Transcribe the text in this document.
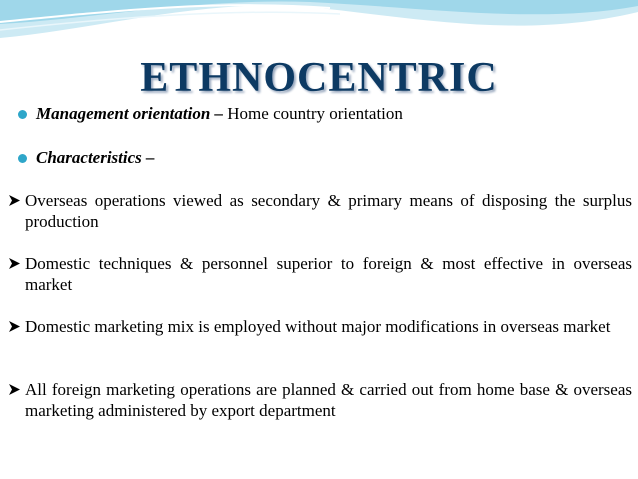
ETHNOCENTRIC
Management orientation – Home country orientation
Characteristics –
Overseas operations viewed as secondary & primary means of disposing the surplus production
Domestic techniques & personnel superior to foreign & most effective in overseas market
Domestic marketing mix is employed without major modifications in overseas market
All foreign marketing operations are planned & carried out from home base & overseas marketing administered by export department
